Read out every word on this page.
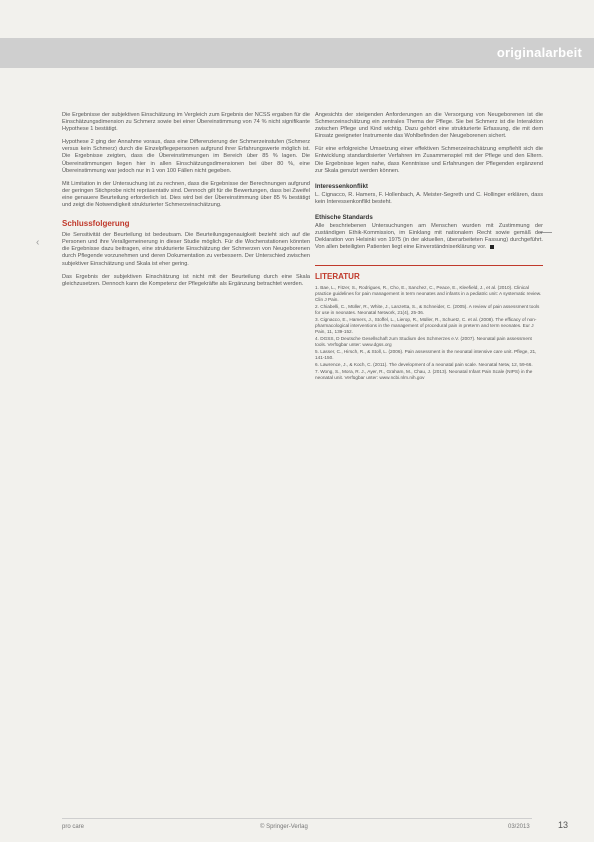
originalarbeit
‹

Die Ergebnisse der subjektiven Einschätzung im Vergleich zum Ergebnis der NCSS ergaben für die Einschätzungsdimension zu Schmerz sowie bei einer Übereinstimmung von 74 % nicht signifikante Hypothese 1 bestätigt.

Hypothese 2 ging der Annahme voraus, dass eine Differenzierung der Schmerzeinstufen (Schmerz versus kein Schmerz) durch die Einzelpflegepersonen aufgrund ihrer Erfahrungswerte möglich ist. Die Ergebnisse zeigten, dass die Übereinstimmungen im Bereich über 85 % lagen. Die Übereinstimmungen liegen hier in allen Einschätzungsdimensionen bei über 80 %, eine Übereinstimmung war jedoch nur in 1 von 100 Fällen nicht gegeben.

Mit Limitation in der Untersuchung ist zu rechnen, dass die Ergebnisse der Berechnungen aufgrund der geringen Stichprobe nicht repräsentativ sind. Dennoch gilt für die Bewertungen, dass bei Zweifel eine genauere Beurteilung erforderlich ist. Dies wird bei der Übereinstimmung über 85 % bestätigt und zeigt die Notwendigkeit strukturierter Schmerzeinschätzung.

Schlussfolgerung

Die Sensitivität der Beurteilung ist bedeutsam. Die Beurteilungsgenauigkeit bezieht sich auf die Personen und ihre Verallgemeinerung in dieser Studie möglich. Für die Wochenstationen könnten die Ergebnisse dazu beitragen, eine strukturierte Einschätzung der Schmerzen von Neugeborenen durch Pflegende vorzunehmen und deren Dokumentation zu verbessern. Der Unterschied zwischen subjektiver Einschätzung und Skala ist eher gering.

Das Ergebnis der subjektiven Einschätzung ist nicht mit der Beurteilung durch eine Skala gleichzusetzen. Dennoch kann die Kompetenz der Pflegekräfte als Ergänzung betrachtet werden.

Angesichts der steigenden Anforderungen an die Versorgung von Neugeborenen ist die Schmerzeinschätzung ein zentrales Thema der Pflege. Sie bei Schmerz ist die Interaktion zwischen Pflege und Kind wichtig. Dazu gehört eine strukturierte Erfassung, die mit dem Einsatz geeigneter Instrumente das Wohlbefinden der Neugeborenen sichert.

Für eine erfolgreiche Umsetzung einer effektiven Schmerzeinschätzung empfiehlt sich die Entwicklung standardisierter Verfahren im Zusammenspiel mit der Pflege und den Eltern. Die Ergebnisse legen nahe, dass Kenntnisse und Erfahrungen der Pflegenden ergänzend zur Skala genutzt werden können.

Interessenkonflikt

L. Cignacco, R. Hamers, F. Hollenbach, A. Meister-Segreth und C. Hollinger erklären, dass kein Interessenkonflikt besteht.

Ethische Standards

Alle beschriebenen Untersuchungen am Menschen wurden mit Zustimmung der zuständigen Ethik-Kommission, im Einklang mit nationalem Recht sowie gemäß der Deklaration von Helsinki von 1975 (in der aktuellen, überarbeiteten Fassung) durchgeführt. Von allen beteiligten Patienten liegt eine Einverständniserklärung vor.

LITERATUR
1. Bae, L., Fitzer, S., Rodrigues, R., Cho, E., Sanchez, C., Peace, E., Kleefield, J., et al. (2010). Clinical practice guidelines for pain management in term neonates and infants in a pediatric unit: A systematic review. Clin J Pain.
2. Chiabelli, C., Müller, R., White, J., Lanzetta, S., & Schneider, C. (2005). A review of pain assessment tools for use in neonates. Neonatal Network, 21(4), 25-36.
3. Cignacco, E., Hamers, J., Stoffel, L., Lierop, R., Müller, R., Schuetz, C. et al. (2008). The efficacy of non-pharmacological interventions in the management of procedural pain in preterm and term neonates. Eur J Pain, 11, 139-152.
4. DGSS, D Deutsche Gesellschaft zum Studium des Schmerzes e.V. (2007). Neonatal pain assessment tools. Verfügbar unter: www.dgss.org
5. Lasser, C., Hirsch, R., & Stoll, L. (2006). Pain assessment in the neonatal intensive care unit. Pflege, 21, 141-150.
6. Lawrence, J., & Koch, C. (2011). The development of a neonatal pain scale. Neonatal Netw, 12, 59-66.
7. Wong, S., Mora, R. J., Ayer, R., Graham, M., Chau, J. (2013). Neonatal Infant Pain Scale (NIPS) in the neonatal unit. Verfügbar unter: www.ncbi.nlm.nih.gov
pro care	© Springer-Verlag	03/2013	13
